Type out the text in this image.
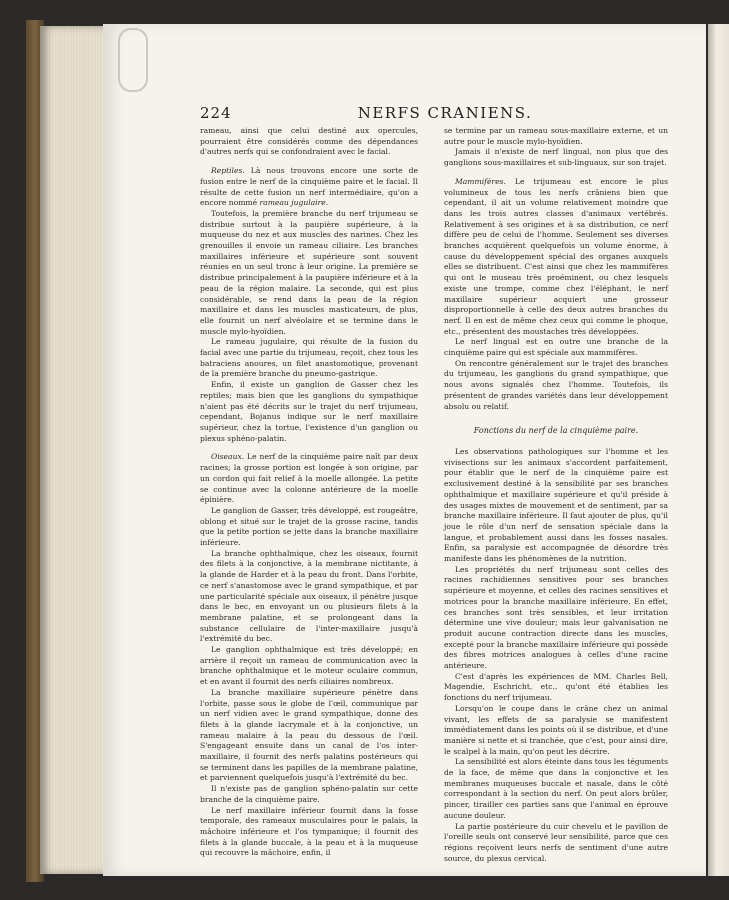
224	NERFS CRANIENS.

rameau, ainsi que celui destiné aux opercules, pourraient être considérés comme des dépendances d'autres nerfs qui se confondraient avec le facial.

Reptiles. Là nous trouvons encore une sorte de fusion entre le nerf de la cinquième paire et le facial. Il résulte de cette fusion un nerf intermédiaire, qu'on a encore nommé rameau jugulaire.

Toutefois, la première branche du nerf trijumeau se distribue surtout à la paupière supérieure, à la muqueuse du nez et aux muscles des narines. Chez les grenouilles il envoie un rameau ciliaire. Les branches maxillaires inférieure et supérieure sont souvent réunies en un seul tronc à leur origine. La première se distribue principalement à la paupière inférieure et à la peau de la région malaire. La seconde, qui est plus considérable, se rend dans la peau de la région maxillaire et dans les muscles masticateurs, de plus, elle fournit un nerf alvéolaire et se termine dans le muscle mylo-hyoïdien.

Le rameau jugulaire, qui résulte de la fusion du facial avec une partie du trijumeau, reçoit, chez tous les batraciens anoures, un filet anastomotique, provenant de la première branche du pneumo-gastrique.

Enfin, il existe un ganglion de Gasser chez les reptiles; mais bien que les ganglions du sympathique n'aient pas été décrits sur le trajet du nerf trijumeau, cependant, Bojanus indique sur le nerf maxillaire supérieur, chez la tortue, l'existence d'un ganglion ou plexus sphéno-palatin.

Oiseaux. Le nerf de la cinquième paire naît par deux racines; la grosse portion est longée à son origine, par un cordon qui fait relief à la moelle allongée. La petite se continue avec la colonne antérieure de la moelle épinière.

Le ganglion de Gasser, très développé, est rougeâtre, oblong et situé sur le trajet de la grosse racine, tandis que la petite portion se jette dans la branche maxillaire inférieure.

La branche ophthalmique, chez les oiseaux, fournit des filets à la conjonctive, à la membrane nictitante, à la glande de Harder et à la peau du front. Dans l'orbite, ce nerf s'anastomose avec le grand sympathique, et par une particularité spéciale aux oiseaux, il pénètre jusque dans le bec, en envoyant un ou plusieurs filets à la membrane palatine, et se prolongeant dans la substance cellulaire de l'inter-maxillaire jusqu'à l'extrémité du bec.

Le ganglion ophthalmique est très développé; en arrière il reçoit un rameau de communication avec la branche ophthalmique et le moteur oculaire commun, et en avant il fournit des nerfs ciliaires nombreux.

La branche maxillaire supérieure pénètre dans l'orbite, passe sous le globe de l'œil, communique par un nerf vidien avec le grand sympathique, donne des filets à la glande lacrymale et à la conjonctive, un rameau malaire à la peau du dessous de l'œil. S'engageant ensuite dans un canal de l'os inter-maxillaire, il fournit des nerfs palatins postérieurs qui se terminent dans les papilles de la membrane palatine, et parviennent quelquefois jusqu'à l'extrémité du bec.

Il n'existe pas de ganglion sphéno-palatin sur cette branche de la cinquième paire.

Le nerf maxillaire inférieur fournit dans la fosse temporale, des rameaux musculaires pour le palais, la mâchoire inférieure et l'os tympanique; il fournit des filets à la glande buccale, à la peau et à la muqueuse qui recouvre la mâchoire, enfin, il

se termine par un rameau sous-maxillaire externe, et un autre pour le muscle mylo-hyoïdien.

Jamais il n'existe de nerf lingual, non plus que des ganglions sous-maxillaires et sub-linguaux, sur son trajet.

Mammifères. Le trijumeau est encore le plus volumineux de tous les nerfs crâniens bien que cependant, il ait un volume relativement moindre que dans les trois autres classes d'animaux vertébrés. Relativement à ses origines et à sa distribution, ce nerf diffère peu de celui de l'homme. Seulement ses diverses branches acquièrent quelquefois un volume énorme, à cause du développement spécial des organes auxquels elles se distribuent. C'est ainsi que chez les mammifères qui ont le museau très proéminent, ou chez lesquels existe une trompe, comme chez l'éléphant, le nerf maxillaire supérieur acquiert une grosseur disproportionnelle à celle des deux autres branches du nerf. Il en est de même chez ceux qui comme le phoque, etc., présentent des moustaches très développées.

Le nerf lingual est en outre une branche de la cinquième paire qui est spéciale aux mammifères.

On rencontre généralement sur le trajet des branches du trijumeau, les ganglions du grand sympathique, que nous avons signalés chez l'homme. Toutefois, ils présentent de grandes variétés dans leur développement absolu ou relatif.

Fonctions du nerf de la cinquième paire.

Les observations pathologiques sur l'homme et les vivisections sur les animaux s'accordent parfaitement, pour établir que le nerf de la cinquième paire est exclusivement destiné à la sensibilité par ses branches ophthalmique et maxillaire supérieure et qu'il préside à des usages mixtes de mouvement et de sentiment, par sa branche maxillaire inférieure. Il faut ajouter de plus, qu'il joue le rôle d'un nerf de sensation spéciale dans la langue, et probablement aussi dans les fosses nasales. Enfin, sa paralysie est accompagnée de désordre très manifeste dans les phénomènes de la nutrition.

Les propriétés du nerf trijumeau sont celles des racines rachidiennes sensitives pour ses branches supérieure et moyenne, et celles des racines sensitives et motrices pour la branche maxillaire inférieure. En effet, ces branches sont très sensibles, et leur irritation détermine une vive douleur; mais leur galvanisation ne produit aucune contraction directe dans les muscles, excepté pour la branche maxillaire inférieure qui possède des fibres motrices analogues à celles d'une racine antérieure.

C'est d'après les expériences de MM. Charles Bell, Magendie, Eschricht, etc., qu'ont été établies les fonctions du nerf trijumeau.

Lorsqu'on le coupe dans le crâne chez un animal vivant, les effets de sa paralysie se manifestent immédiatement dans les points où il se distribue, et d'une manière si nette et si tranchée, que c'est, pour ainsi dire, le scalpel à la main, qu'on peut les décrire.

La sensibilité est alors éteinte dans tous les téguments de la face, de même que dans la conjonctive et les membranes muqueuses buccale et nasale, dans le côté correspondant à la section du nerf. On peut alors brûler, pincer, tirailler ces parties sans que l'animal en éprouve aucune douleur.

La partie postérieure du cuir chevelu et le pavillon de l'oreille seuls ont conservé leur sensibilité, parce que ces régions reçoivent leurs nerfs de sentiment d'une autre source, du plexus cervical.
